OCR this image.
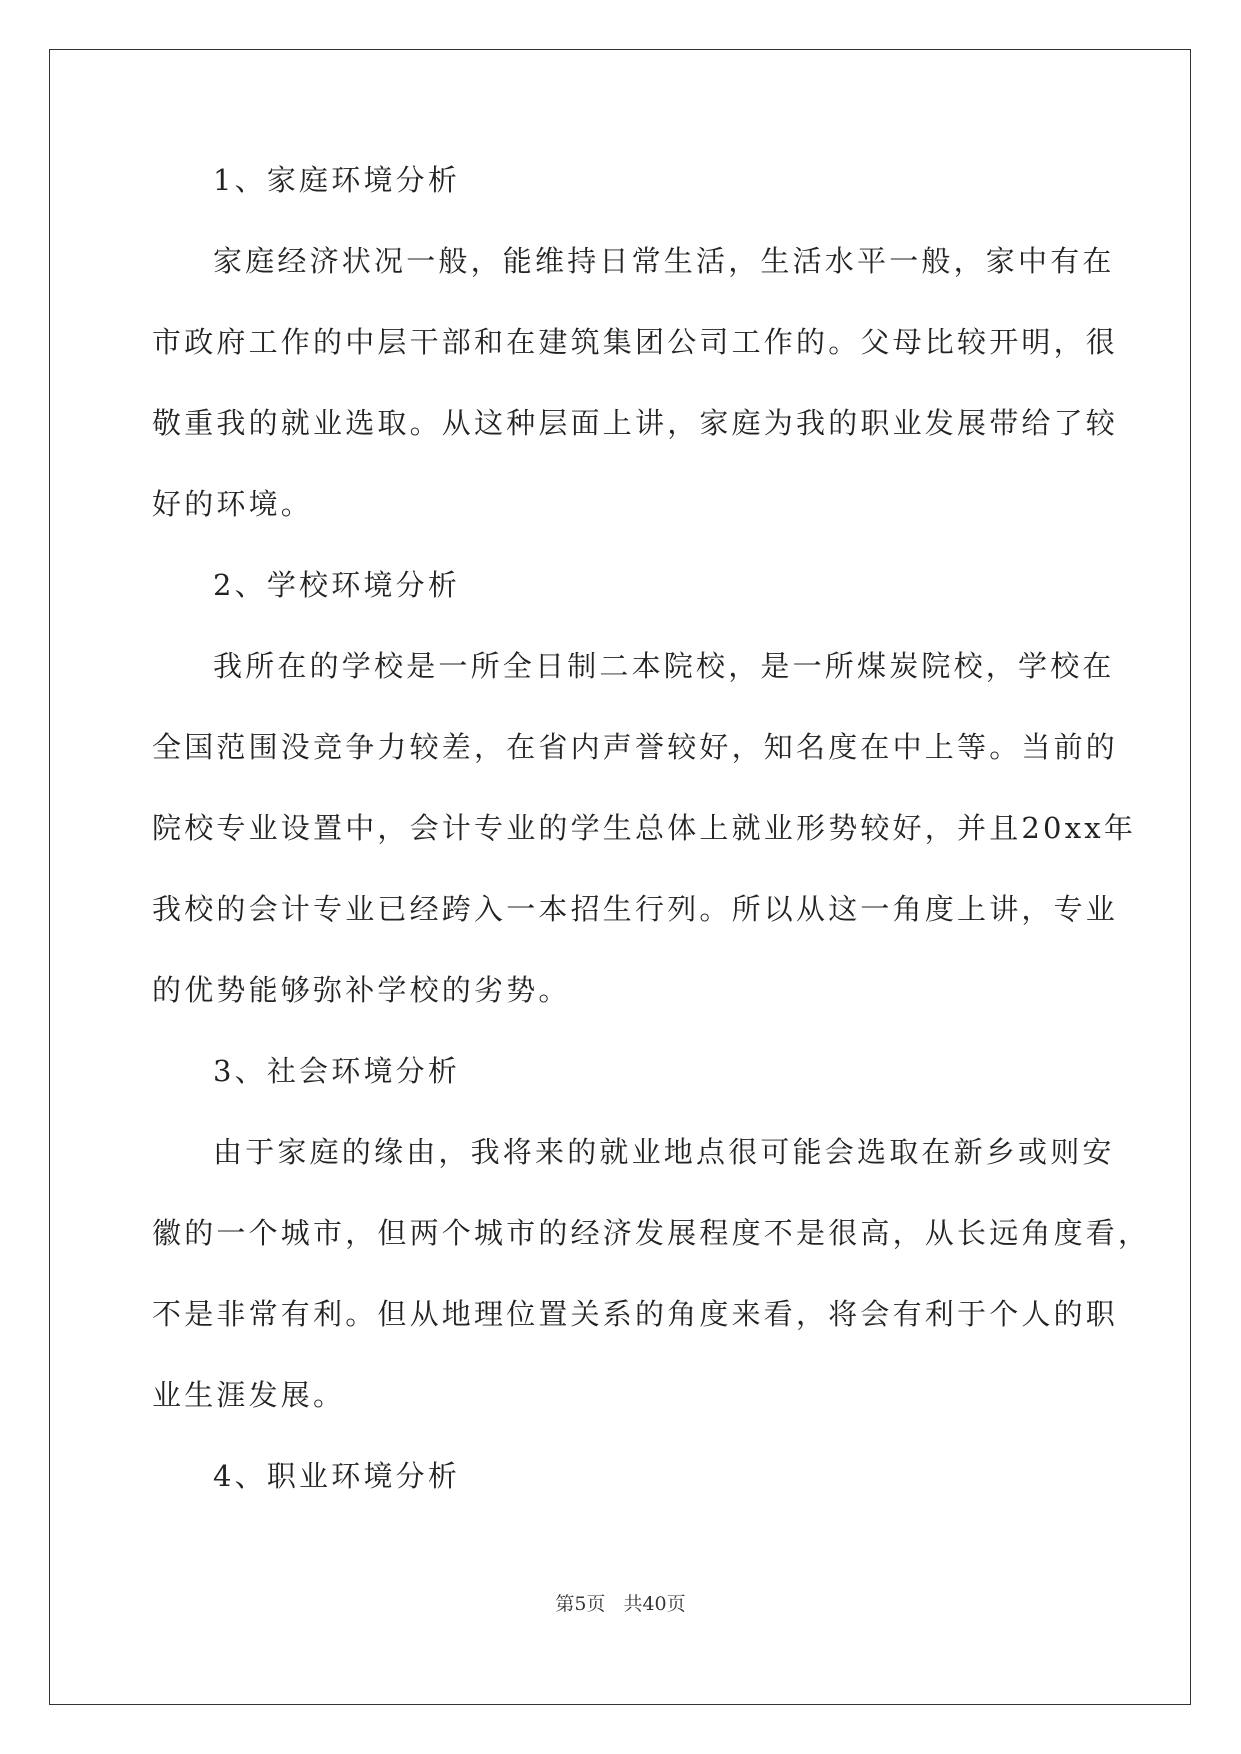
1、家庭环境分析
家庭经济状况一般，能维持日常生活，生活水平一般，家中有在
市政府工作的中层干部和在建筑集团公司工作的。父母比较开明，很
敬重我的就业选取。从这种层面上讲，家庭为我的职业发展带给了较
好的环境。
2、学校环境分析
我所在的学校是一所全日制二本院校，是一所煤炭院校，学校在
全国范围没竞争力较差，在省内声誉较好，知名度在中上等。当前的
院校专业设置中，会计专业的学生总体上就业形势较好，并且20xx年
我校的会计专业已经跨入一本招生行列。所以从这一角度上讲，专业
的优势能够弥补学校的劣势。
3、社会环境分析
由于家庭的缘由，我将来的就业地点很可能会选取在新乡或则安
徽的一个城市，但两个城市的经济发展程度不是很高，从长远角度看，
不是非常有利。但从地理位置关系的角度来看，将会有利于个人的职
业生涯发展。
4、职业环境分析
第5页 共40页
